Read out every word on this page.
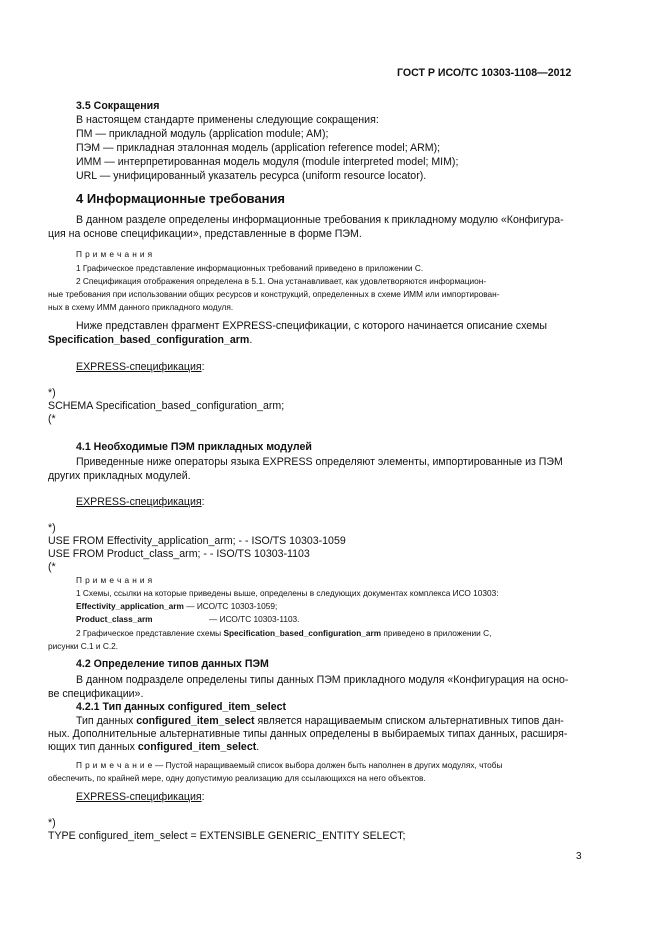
ГОСТ Р ИСО/ТС 10303-1108—2012
3.5 Сокращения
В настоящем стандарте применены следующие сокращения:
ПМ — прикладной модуль (application module; AM);
ПЭМ — прикладная эталонная модель (application reference model; ARM);
ИММ — интерпретированная модель модуля (module interpreted model; MIM);
URL — унифицированный указатель ресурса (uniform resource locator).
4 Информационные требования
В данном разделе определены информационные требования к прикладному модулю «Конфигура-
ция на основе спецификации», представленные в форме ПЭМ.
П р и м е ч а н и я
1 Графическое представление информационных требований приведено в приложении С.
2 Спецификация отображения определена в 5.1. Она устанавливает, как удовлетворяются информацион-
ные требования при использовании общих ресурсов и конструкций, определенных в схеме ИММ или импортирован-
ных в схему ИММ данного прикладного модуля.
Ниже представлен фрагмент EXPRESS-спецификации, с которого начинается описание схемы
Specification_based_configuration_arm.
EXPRESS-спецификация:
*)
SCHEMA Specification_based_configuration_arm;
(*
4.1 Необходимые ПЭМ прикладных модулей
Приведенные ниже операторы языка EXPRESS определяют элементы, импортированные из ПЭМ
других прикладных модулей.
EXPRESS-спецификация:
*)
USE FROM Effectivity_application_arm; - - ISO/TS 10303-1059
USE FROM Product_class_arm; - - ISO/TS 10303-1103
(*
П р и м е ч а н и я
1 Схемы, ссылки на которые приведены выше, определены в следующих документах комплекса ИСО 10303:
Effectivity_application_arm — ИСО/ТС 10303-1059;
Product_class_arm	— ИСО/ТС 10303-1103.
2 Графическое представление схемы Specification_based_configuration_arm приведено в приложении С,
рисунки С.1 и С.2.
4.2 Определение типов данных ПЭМ
В данном подразделе определены типы данных ПЭМ прикладного модуля «Конфигурация на осно-
ве спецификации».
4.2.1 Тип данных configured_item_select
Тип данных configured_item_select является наращиваемым списком альтернативных типов дан-
ных. Дополнительные альтернативные типы данных определены в выбираемых типах данных, расширя-
ющих тип данных configured_item_select.
П р и м е ч а н и е — Пустой наращиваемый список выбора должен быть наполнен в других модулях, чтобы
обеспечить, по крайней мере, одну допустимую реализацию для ссылающихся на него объектов.
EXPRESS-спецификация:
*)
TYPE configured_item_select = EXTENSIBLE GENERIC_ENTITY SELECT;
3
